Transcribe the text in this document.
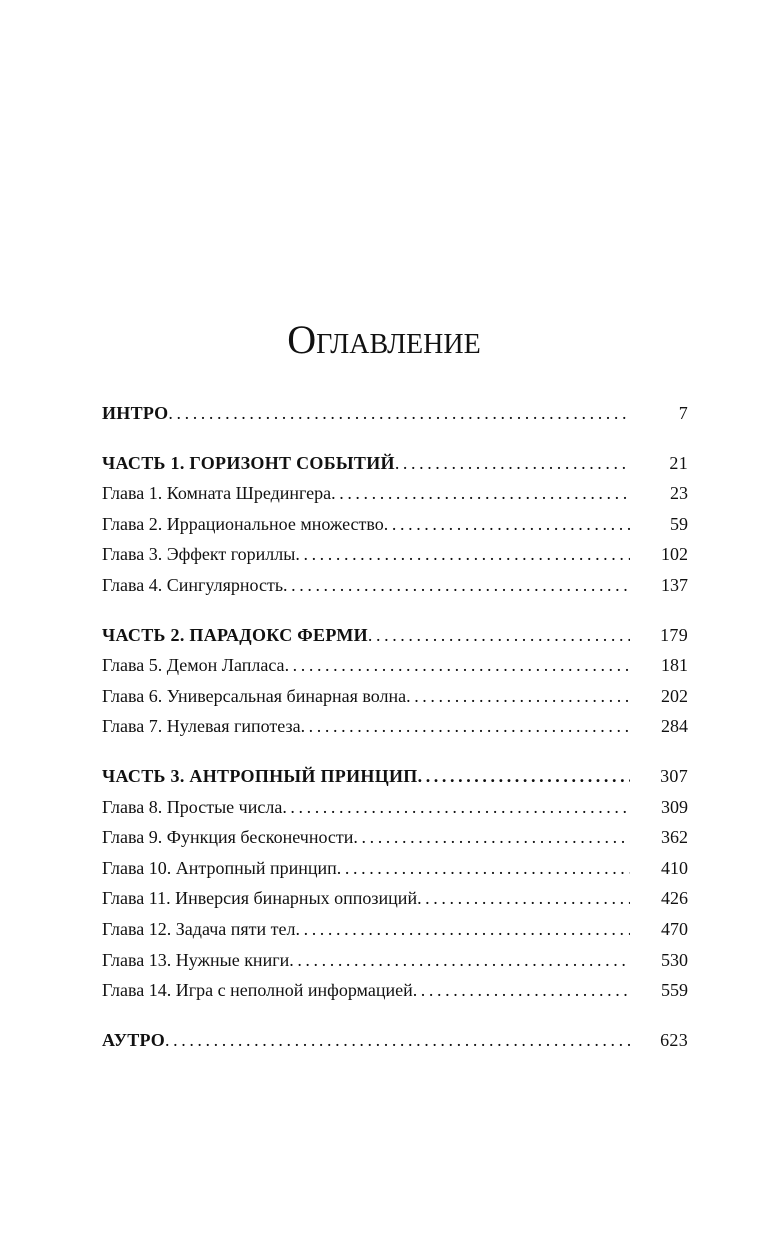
Оглавление
ИНТРО .....	7
ЧАСТЬ 1. ГОРИЗОНТ СОБЫТИЙ .....	21
Глава 1. Комната Шредингера .....	23
Глава 2. Иррациональное множество .....	59
Глава 3. Эффект гориллы .....	102
Глава 4. Сингулярность .....	137
ЧАСТЬ 2. ПАРАДОКС ФЕРМИ .....	179
Глава 5. Демон Лапласа .....	181
Глава 6. Универсальная бинарная волна .....	202
Глава 7. Нулевая гипотеза .....	284
ЧАСТЬ 3. АНТРОПНЫЙ ПРИНЦИП .....	307
Глава 8. Простые числа .....	309
Глава 9. Функция бесконечности .....	362
Глава 10. Антропный принцип .....	410
Глава 11. Инверсия бинарных оппозиций .....	426
Глава 12. Задача пяти тел .....	470
Глава 13. Нужные книги .....	530
Глава 14. Игра с неполной информацией .....	559
АУТРО .....	623
